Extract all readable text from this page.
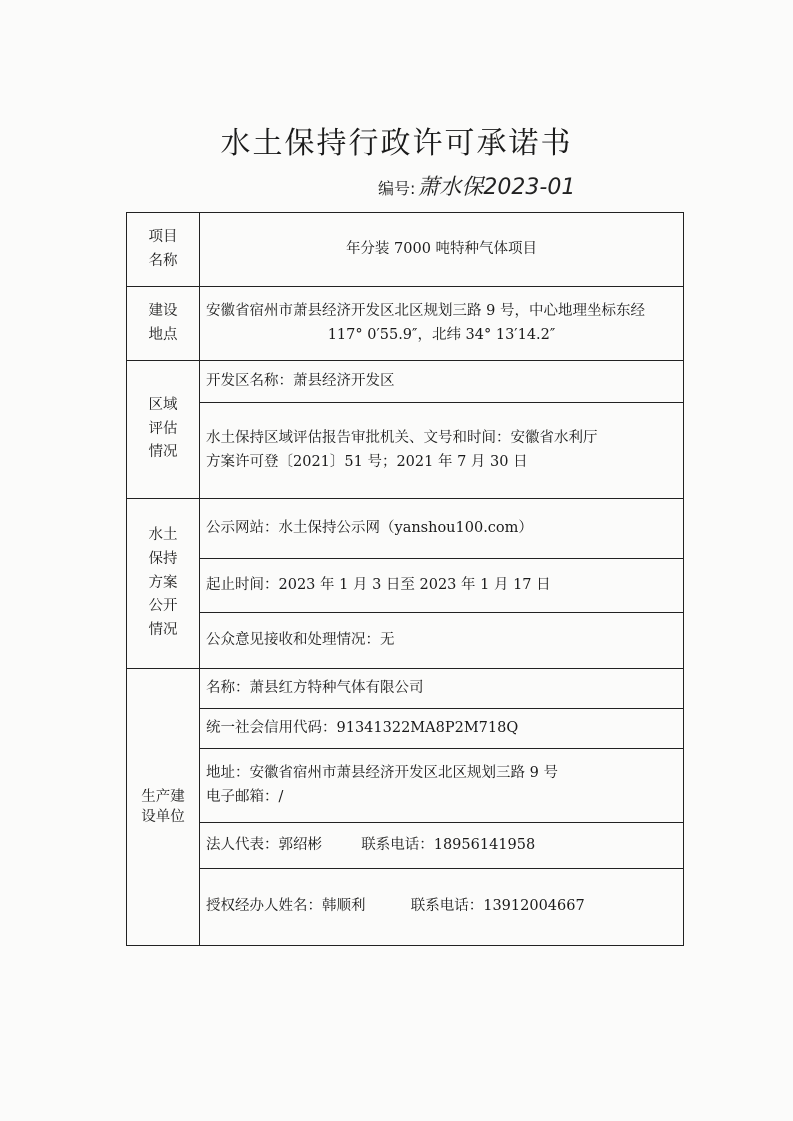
水土保持行政许可承诺书
编号:萧水保2023-01
项目
名称	年分装 7000 吨特种气体项目

建设
地点	安徽省宿州市萧县经济开发区北区规划三路 9 号，中心地理坐标东经
117° 0′55.9″，北纬 34° 13′14.2″

区域
评估
情况	开发区名称：萧县经济开发区

	水土保持区域评估报告审批机关、文号和时间：安徽省水利厅
方案许可登〔2021〕51 号；2021 年 7 月 30 日

水土
保持
方案
公开
情况	公示网站：水土保持公示网（yanshou100.com）
	起止时间：2023 年 1 月 3 日至 2023 年 1 月 17 日
	公众意见接收和处理情况：无

生产建
设单位	名称：萧县红方特种气体有限公司
	统一社会信用代码：91341322MA8P2M718Q

	地址：安徽省宿州市萧县经济开发区北区规划三路 9 号
电子邮箱：/

	法人代表：郭绍彬 联系电话：18956141958
	授权经办人姓名：韩顺利 联系电话：13912004667
